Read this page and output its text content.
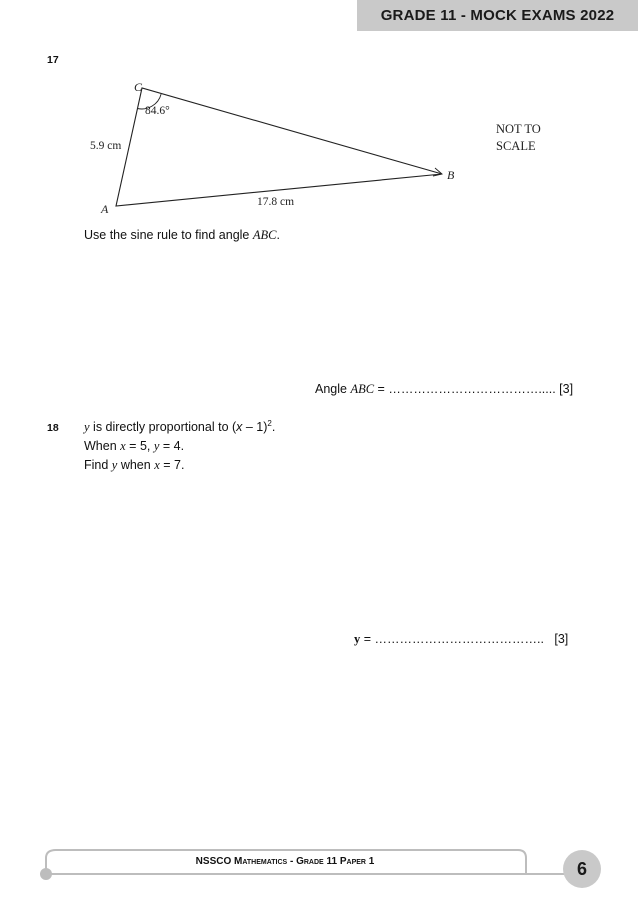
GRADE 11 - MOCK EXAMS 2022
17
C
A
B
84.6°
5.9 cm
17.8 cm
NOT TO
SCALE
Use the sine rule to find angle ABC.
Angle ABC = ………………………………..... [3]
18 y is directly proportional to (x – 1)$^2$.
When x = 5, y = 4.
Find y when x = 7.
y = ………………………………….. [3]
NSSCO Mathematics - Grade 11 Paper 1	6
